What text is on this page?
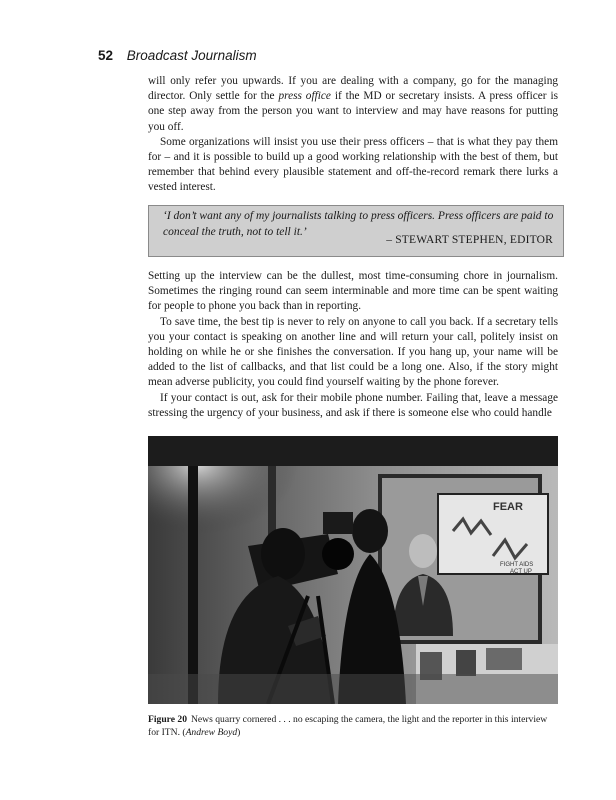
52 Broadcast Journalism

will only refer you upwards. If you are dealing with a company, go for the managing director. Only settle for the press office if the MD or secretary insists. A press officer is one step away from the person you want to interview and may have reasons for putting you off.

Some organizations will insist you use their press officers – that is what they pay them for – and it is possible to build up a good working relationship with the best of them, but remember that behind every plausible statement and off-the-record remark there lurks a vested interest.

‘I don’t want any of my journalists talking to press officers. Press officers are paid to conceal the truth, not to tell it.’
– STEWART STEPHEN, EDITOR

Setting up the interview can be the dullest, most time-consuming chore in journalism. Sometimes the ringing round can seem interminable and more time can be spent waiting for people to phone you back than in reporting.

To save time, the best tip is never to rely on anyone to call you back. If a secretary tells you your contact is speaking on another line and will return your call, politely insist on holding on while he or she finishes the conversation. If you hang up, your name will be added to the list of callbacks, and that list could be a long one. Also, if the story might mean adverse publicity, you could find yourself waiting by the phone forever.

If your contact is out, ask for their mobile phone number. Failing that, leave a message stressing the urgency of your business, and ask if there is someone else who could handle

FEAR
FIGHT AIDS
ACT UP

Figure 20 News quarry cornered . . . no escaping the camera, the light and the reporter in this interview for ITN. (Andrew Boyd)
